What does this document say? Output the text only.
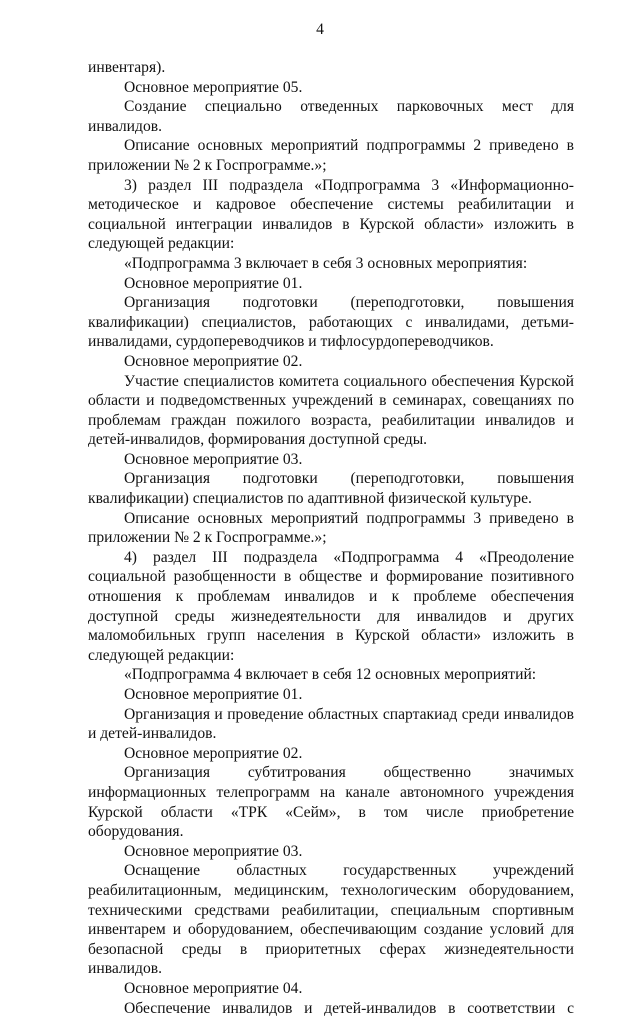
4

инвентаря).

Основное мероприятие 05.

Создание специально отведенных парковочных мест для инвалидов.

Описание основных мероприятий подпрограммы 2 приведено в приложении № 2 к Госпрограмме.»;

3) раздел III подраздела «Подпрограмма 3 «Информационно-методическое и кадровое обеспечение системы реабилитации и социальной интеграции инвалидов в Курской области» изложить в следующей редакции:

«Подпрограмма 3 включает в себя 3 основных мероприятия:

Основное мероприятие 01.

Организация подготовки (переподготовки, повышения квалификации) специалистов, работающих с инвалидами, детьми-инвалидами, сурдопереводчиков и тифлосурдопереводчиков.

Основное мероприятие 02.

Участие специалистов комитета социального обеспечения Курской области и подведомственных учреждений в семинарах, совещаниях по проблемам граждан пожилого возраста, реабилитации инвалидов и детей-инвалидов, формирования доступной среды.

Основное мероприятие 03.

Организация подготовки (переподготовки, повышения квалификации) специалистов по адаптивной физической культуре.

Описание основных мероприятий подпрограммы 3 приведено в приложении № 2 к Госпрограмме.»;

4) раздел III подраздела «Подпрограмма 4 «Преодоление социальной разобщенности в обществе и формирование позитивного отношения к проблемам инвалидов и к проблеме обеспечения доступной среды жизнедеятельности для инвалидов и других маломобильных групп населения в Курской области» изложить в следующей редакции:

«Подпрограмма 4 включает в себя 12 основных мероприятий:

Основное мероприятие 01.

Организация и проведение областных спартакиад среди инвалидов и детей-инвалидов.

Основное мероприятие 02.

Организация субтитрования общественно значимых информационных телепрограмм на канале автономного учреждения Курской области «ТРК «Сейм», в том числе приобретение оборудования.

Основное мероприятие 03.

Оснащение областных государственных учреждений реабилитационным, медицинским, технологическим оборудованием, техническими средствами реабилитации, специальным спортивным инвентарем и оборудованием, обеспечивающим создание условий для безопасной среды в приоритетных сферах жизнедеятельности инвалидов.

Основное мероприятие 04.

Обеспечение инвалидов и детей-инвалидов в соответствии с
